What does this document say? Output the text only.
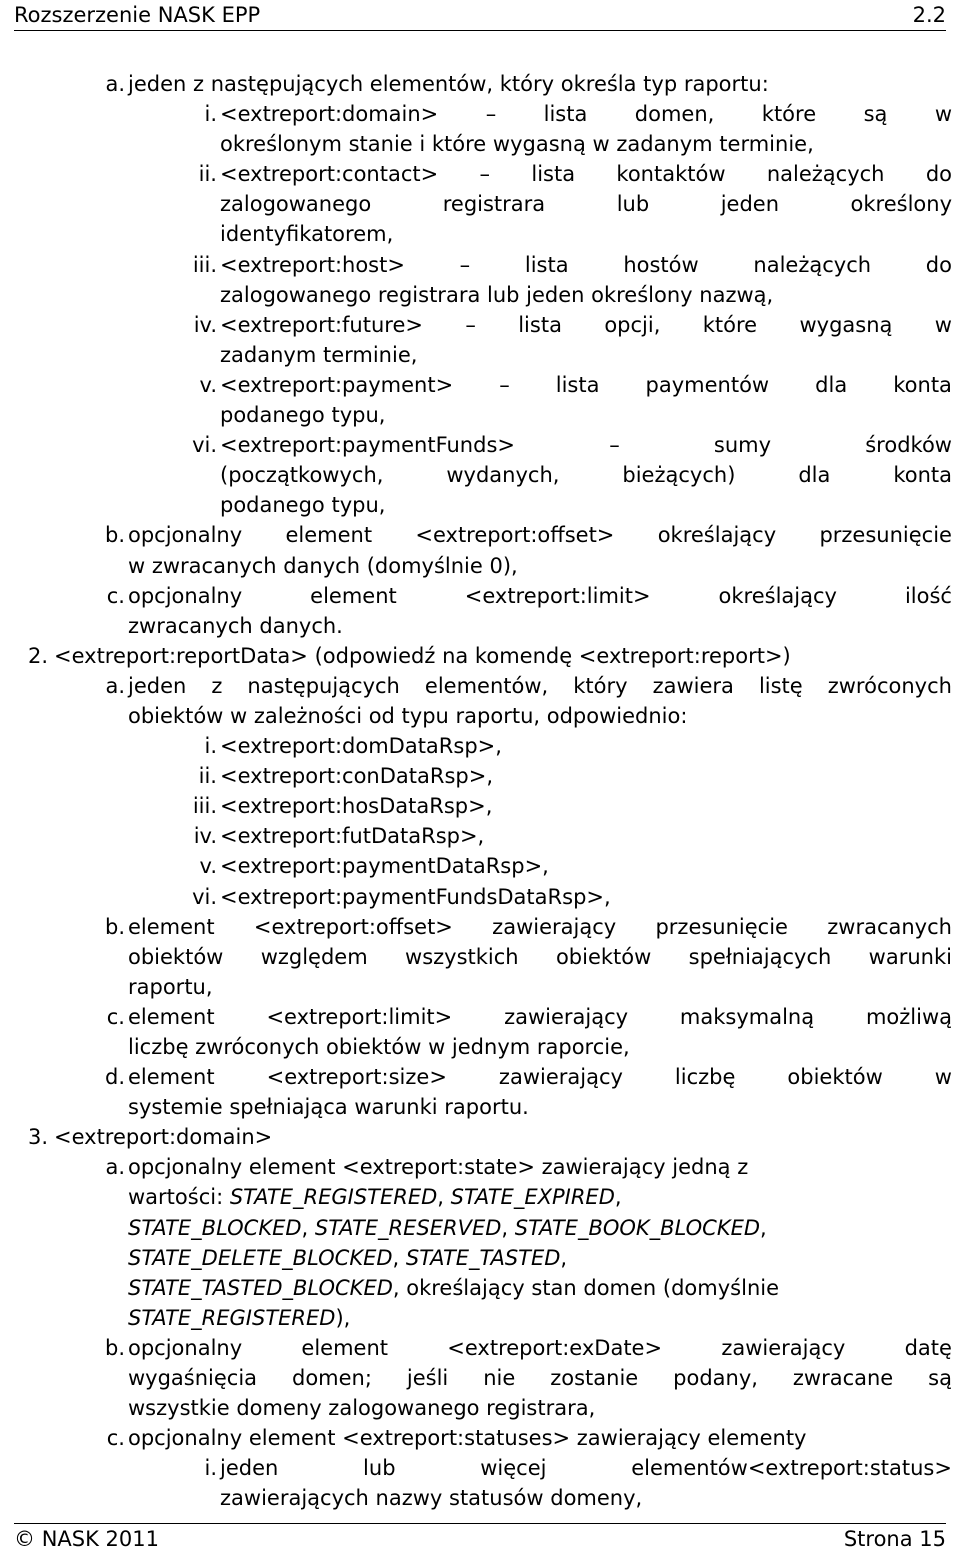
Rozszerzenie NASK EPP	2.2
a. jeden z następujących elementów, który określa typ raportu:
i. <extreport:domain> – lista domen, które są w
określonym stanie i które wygasną w zadanym terminie,
ii. <extreport:contact> – lista kontaktów należących do
zalogowanego	registrara	lub	jeden	określony
identyfikatorem,
iii. <extreport:host>	–	lista	hostów	należących	do
zalogowanego registrara lub jeden określony nazwą,
iv. <extreport:future> – lista opcji, które wygasną w
zadanym terminie,
v. <extreport:payment> – lista paymentów dla konta
podanego typu,
vi. <extreport:paymentFunds>	–	sumy	środków
(początkowych,	wydanych,	bieżących)	dla	konta
podanego typu,
b. opcjonalny element <extreport:offset> określający przesunięcie
w zwracanych danych (domyślnie 0),
c. opcjonalny	element	<extreport:limit>	określający	ilość
zwracanych danych.
2. <extreport:reportData> (odpowiedź na komendę <extreport:report>)
a. jeden z następujących elementów, który zawiera listę zwróconych
obiektów w zależności od typu raportu, odpowiednio:
i. <extreport:domDataRsp>,
ii. <extreport:conDataRsp>,
iii. <extreport:hosDataRsp>,
iv. <extreport:futDataRsp>,
v. <extreport:paymentDataRsp>,
vi. <extreport:paymentFundsDataRsp>,
b. element <extreport:offset> zawierający przesunięcie zwracanych
obiektów względem wszystkich obiektów spełniających warunki
raportu,
c. element <extreport:limit> zawierający maksymalną możliwą
liczbę zwróconych obiektów w jednym raporcie,
d. element <extreport:size> zawierający liczbę obiektów w
systemie spełniająca warunki raportu.
3. <extreport:domain>
a. opcjonalny element <extreport:state> zawierający jedną z
wartości: STATE_REGISTERED, STATE_EXPIRED,
STATE_BLOCKED, STATE_RESERVED, STATE_BOOK_BLOCKED,
STATE_DELETE_BLOCKED, STATE_TASTED,
STATE_TASTED_BLOCKED, określający stan domen (domyślnie
STATE_REGISTERED),
b. opcjonalny	element	<extreport:exDate>	zawierający	datę
wygaśnięcia domen; jeśli nie zostanie podany, zwracane są
wszystkie domeny zalogowanego registrara,
c. opcjonalny element <extreport:statuses> zawierający elementy
i. jeden	lub	więcej	elementów<extreport:status>
zawierających nazwy statusów domeny,
© NASK 2011	Strona 15
